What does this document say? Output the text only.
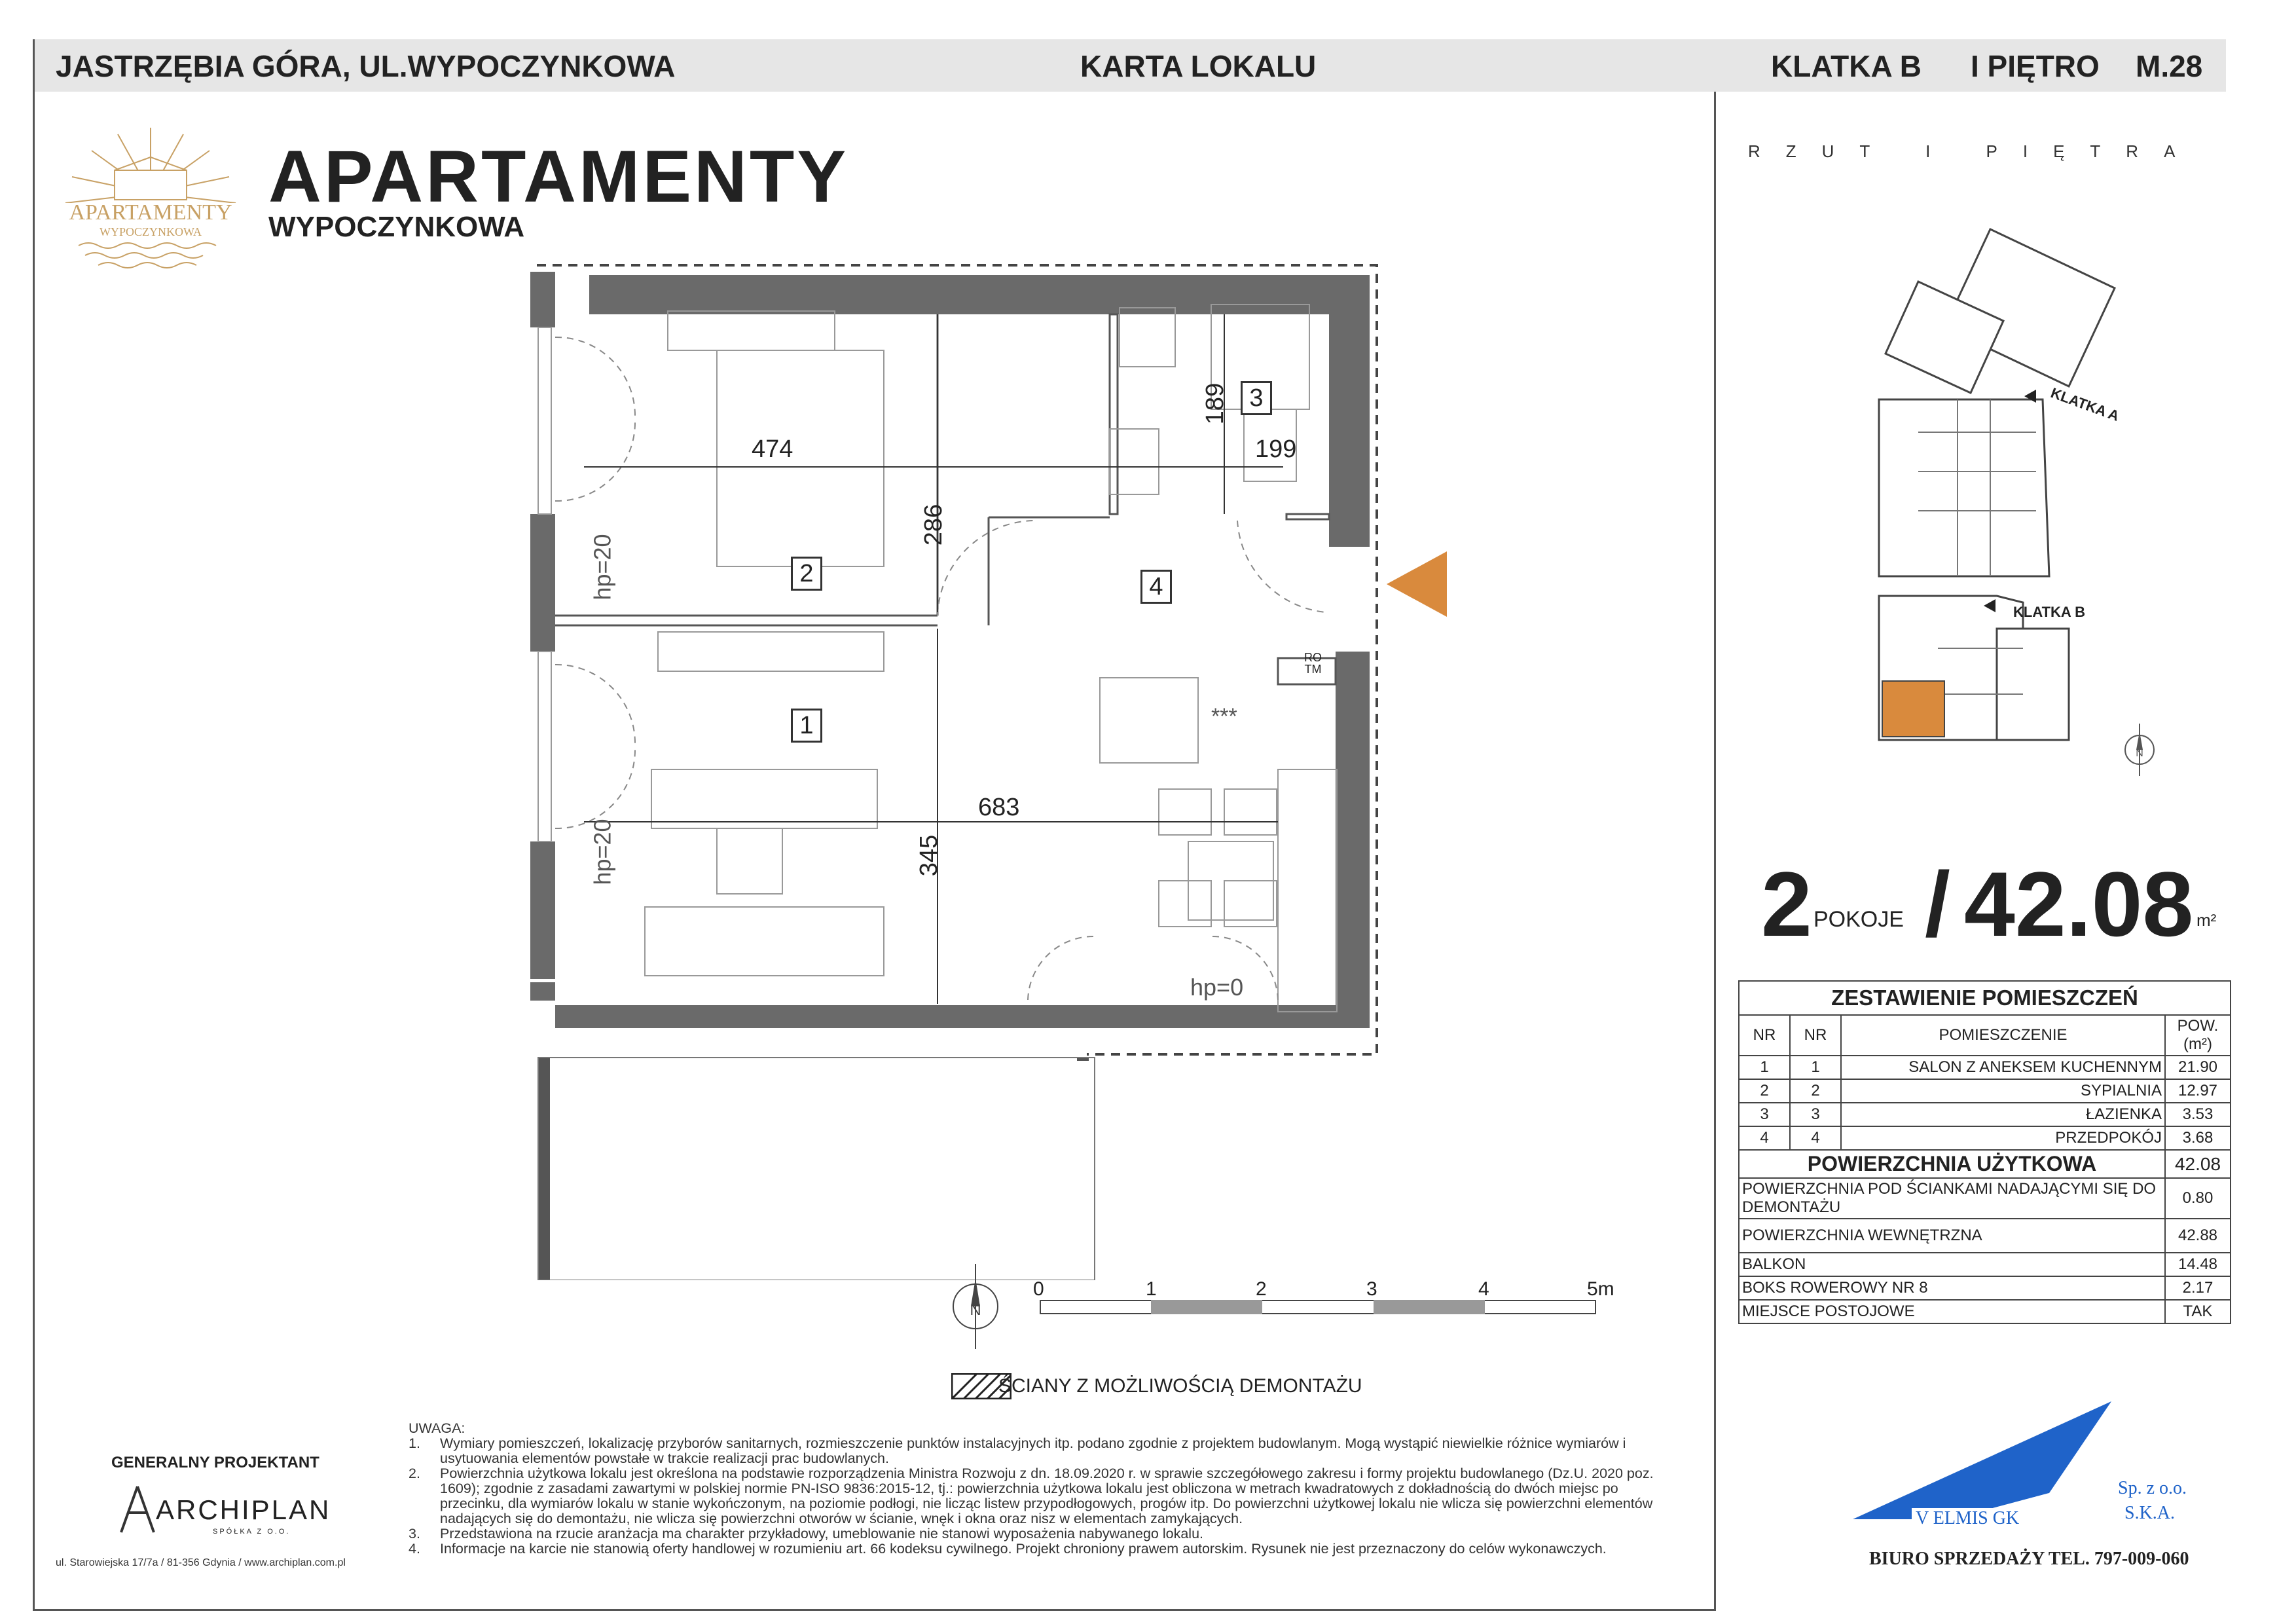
JASTRZĘBIA GÓRA, UL.WYPOCZYNKOWA	KARTA LOKALU	KLATKA B I PIĘTRO M.28
APARTAMENTY
WYPOCZYNKOWA
APARTAMENTY
WYPOCZYNKOWA
474
286
189
199
683
345
1
2
3
4
hp=20
hp=20
hp=0
RO
TM
***
N
0	1	2	3	4	5m
ŚCIANY Z MOŻLIWOŚCIĄ DEMONTAŻU
UWAGA:
1.	Wymiary pomieszczeń, lokalizację przyborów sanitarnych, rozmieszczenie punktów instalacyjnych itp. podano zgodnie z projektem budowlanym. Mogą wystąpić niewielkie różnice wymiarów i usytuowania elementów powstałe w trakcie realizacji prac budowlanych.
2.	Powierzchnia użytkowa lokalu jest określona na podstawie rozporządzenia Ministra Rozwoju z dn. 18.09.2020 r. w sprawie szczegółowego zakresu i formy projektu budowlanego (Dz.U. 2020 poz. 1609); zgodnie z zasadami zawartymi w polskiej normie PN-ISO 9836:2015-12, tj.: powierzchnia użytkowa lokalu jest obliczona w metrach kwadratowych z dokładnością do dwóch miejsc po przecinku, dla wymiarów lokalu w stanie wykończonym, na poziomie podłogi, nie licząc listew przypodłogowych, progów itp. Do powierzchni użytkowej lokalu nie wlicza się powierzchni elementów nadających się do demontażu, nie wlicza się powierzchni otworów w ścianie, wnęk i okna oraz nisz w elementach zamykających.
3.	Przedstawiona na rzucie aranżacja ma charakter przykładowy, umeblowanie nie stanowi wyposażenia nabywanego lokalu.
4.	Informacje na karcie nie stanowią oferty handlowej w rozumieniu art. 66 kodeksu cywilnego. Projekt chroniony prawem autorskim. Rysunek nie jest przeznaczony do celów wykonawczych.
GENERALNY PROJEKTANT
ARCHIPLAN
SPÓŁKA Z O.O.
ul. Starowiejska 17/7a / 81-356 Gdynia / www.archiplan.com.pl
RZUT I PIĘTRA
KLATKA A
KLATKA B
N
2 POKOJE / 42.08 m²
ZESTAWIENIE POMIESZCZEŃ			
NR	NR	POMIESZCZENIE	POW. (m²)
1	1	SALON Z ANEKSEM KUCHENNYM	21.90
2	2	SYPIALNIA	12.97
3	3	ŁAZIENKA	3.53
4	4	PRZEDPOKÓJ	3.68
POWIERZCHNIA UŻYTKOWA			42.08
POWIERZCHNIA POD ŚCIANKAMI NADAJĄCYMI SIĘ DO DEMONTAŻU			0.80
POWIERZCHNIA WEWNĘTRZNA			42.88
BALKON			14.48
BOKS ROWEROWY NR 8			2.17
MIEJSCE POSTOJOWE			TAK
V ELMIS GK
Sp. z o.o.
S.K.A.
BIURO SPRZEDAŻY TEL. 797-009-060
